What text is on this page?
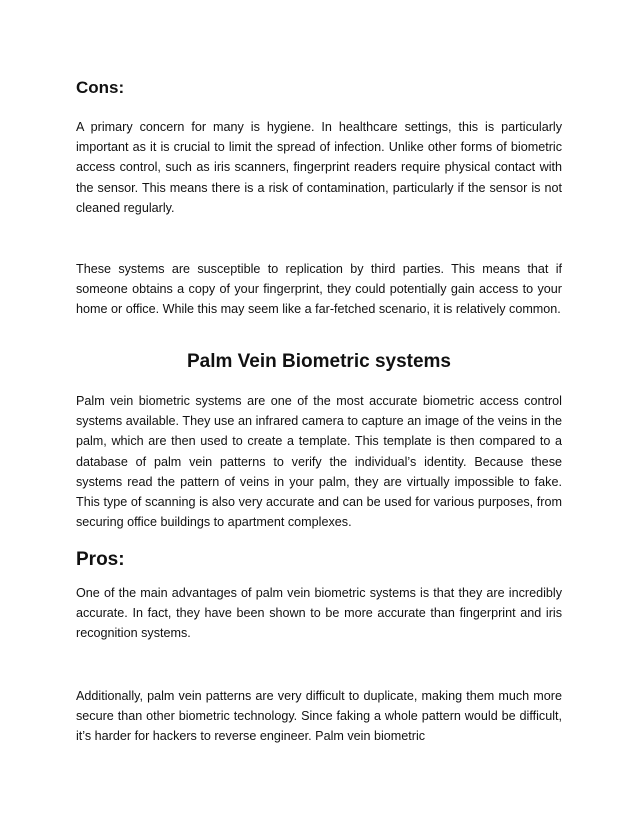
Cons:

A primary concern for many is hygiene. In healthcare settings, this is particularly important as it is crucial to limit the spread of infection. Unlike other forms of biometric access control, such as iris scanners, fingerprint readers require physical contact with the sensor. This means there is a risk of contamination, particularly if the sensor is not cleaned regularly.

These systems are susceptible to replication by third parties. This means that if someone obtains a copy of your fingerprint, they could potentially gain access to your home or office. While this may seem like a far-fetched scenario, it is relatively common.

Palm Vein Biometric systems

Palm vein biometric systems are one of the most accurate biometric access control systems available. They use an infrared camera to capture an image of the veins in the palm, which are then used to create a template. This template is then compared to a database of palm vein patterns to verify the individual’s identity. Because these systems read the pattern of veins in your palm, they are virtually impossible to fake. This type of scanning is also very accurate and can be used for various purposes, from securing office buildings to apartment complexes.

Pros:

One of the main advantages of palm vein biometric systems is that they are incredibly accurate. In fact, they have been shown to be more accurate than fingerprint and iris recognition systems.

Additionally, palm vein patterns are very difficult to duplicate, making them much more secure than other biometric technology. Since faking a whole pattern would be difficult, it’s harder for hackers to reverse engineer. Palm vein biometric
